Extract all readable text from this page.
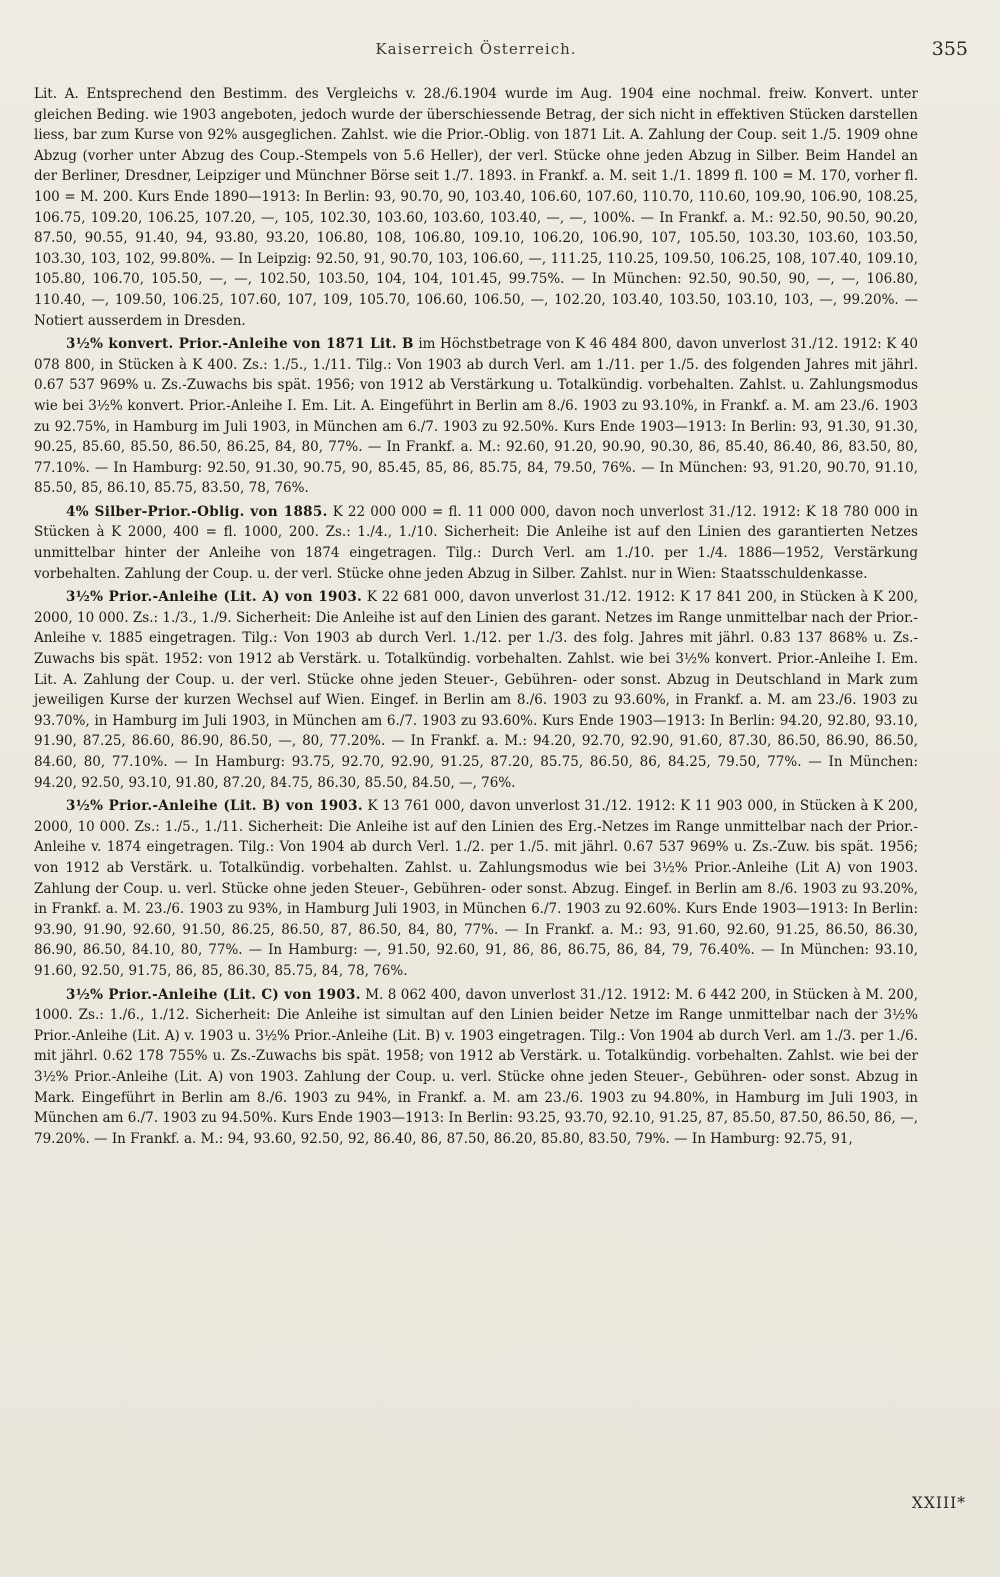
Kaiserreich Österreich.	355

Lit. A. Entsprechend den Bestimm. des Vergleichs v. 28./6.1904 wurde im Aug. 1904 eine nochmal. freiw. Konvert. unter gleichen Beding. wie 1903 angeboten, jedoch wurde der überschiessende Betrag, der sich nicht in effektiven Stücken darstellen liess, bar zum Kurse von 92% ausgeglichen. Zahlst. wie die Prior.-Oblig. von 1871 Lit. A. Zahlung der Coup. seit 1./5. 1909 ohne Abzug (vorher unter Abzug des Coup.-Stempels von 5.6 Heller), der verl. Stücke ohne jeden Abzug in Silber. Beim Handel an der Berliner, Dresdner, Leipziger und Münchner Börse seit 1./7. 1893. in Frankf. a. M. seit 1./1. 1899 fl. 100 = M. 170, vorher fl. 100 = M. 200. Kurs Ende 1890—1913: In Berlin: 93, 90.70, 90, 103.40, 106.60, 107.60, 110.70, 110.60, 109.90, 106.90, 108.25, 106.75, 109.20, 106.25, 107.20, —, 105, 102.30, 103.60, 103.60, 103.40, —, —, 100%. — In Frankf. a. M.: 92.50, 90.50, 90.20, 87.50, 90.55, 91.40, 94, 93.80, 93.20, 106.80, 108, 106.80, 109.10, 106.20, 106.90, 107, 105.50, 103.30, 103.60, 103.50, 103.30, 103, 102, 99.80%. — In Leipzig: 92.50, 91, 90.70, 103, 106.60, —, 111.25, 110.25, 109.50, 106.25, 108, 107.40, 109.10, 105.80, 106.70, 105.50, —, —, 102.50, 103.50, 104, 104, 101.45, 99.75%. — In München: 92.50, 90.50, 90, —, —, 106.80, 110.40, —, 109.50, 106.25, 107.60, 107, 109, 105.70, 106.60, 106.50, —, 102.20, 103.40, 103.50, 103.10, 103, —, 99.20%. — Notiert ausserdem in Dresden.

3½% konvert. Prior.-Anleihe von 1871 Lit. B im Höchstbetrage von K 46 484 800, davon unverlost 31./12. 1912: K 40 078 800, in Stücken à K 400. Zs.: 1./5., 1./11. Tilg.: Von 1903 ab durch Verl. am 1./11. per 1./5. des folgenden Jahres mit jährl. 0.67 537 969% u. Zs.-Zuwachs bis spät. 1956; von 1912 ab Verstärkung u. Totalkündig. vorbehalten. Zahlst. u. Zahlungsmodus wie bei 3½% konvert. Prior.-Anleihe I. Em. Lit. A. Eingeführt in Berlin am 8./6. 1903 zu 93.10%, in Frankf. a. M. am 23./6. 1903 zu 92.75%, in Hamburg im Juli 1903, in München am 6./7. 1903 zu 92.50%. Kurs Ende 1903—1913: In Berlin: 93, 91.30, 91.30, 90.25, 85.60, 85.50, 86.50, 86.25, 84, 80, 77%. — In Frankf. a. M.: 92.60, 91.20, 90.90, 90.30, 86, 85.40, 86.40, 86, 83.50, 80, 77.10%. — In Hamburg: 92.50, 91.30, 90.75, 90, 85.45, 85, 86, 85.75, 84, 79.50, 76%. — In München: 93, 91.20, 90.70, 91.10, 85.50, 85, 86.10, 85.75, 83.50, 78, 76%.

4% Silber-Prior.-Oblig. von 1885. K 22 000 000 = fl. 11 000 000, davon noch unverlost 31./12. 1912: K 18 780 000 in Stücken à K 2000, 400 = fl. 1000, 200. Zs.: 1./4., 1./10. Sicherheit: Die Anleihe ist auf den Linien des garantierten Netzes unmittelbar hinter der Anleihe von 1874 eingetragen. Tilg.: Durch Verl. am 1./10. per 1./4. 1886—1952, Verstärkung vorbehalten. Zahlung der Coup. u. der verl. Stücke ohne jeden Abzug in Silber. Zahlst. nur in Wien: Staatsschuldenkasse.

3½% Prior.-Anleihe (Lit. A) von 1903. K 22 681 000, davon unverlost 31./12. 1912: K 17 841 200, in Stücken à K 200, 2000, 10 000. Zs.: 1./3., 1./9. Sicherheit: Die Anleihe ist auf den Linien des garant. Netzes im Range unmittelbar nach der Prior.-Anleihe v. 1885 eingetragen. Tilg.: Von 1903 ab durch Verl. 1./12. per 1./3. des folg. Jahres mit jährl. 0.83 137 868% u. Zs.-Zuwachs bis spät. 1952: von 1912 ab Verstärk. u. Totalkündig. vorbehalten. Zahlst. wie bei 3½% konvert. Prior.-Anleihe I. Em. Lit. A. Zahlung der Coup. u. der verl. Stücke ohne jeden Steuer-, Gebühren- oder sonst. Abzug in Deutschland in Mark zum jeweiligen Kurse der kurzen Wechsel auf Wien. Eingef. in Berlin am 8./6. 1903 zu 93.60%, in Frankf. a. M. am 23./6. 1903 zu 93.70%, in Hamburg im Juli 1903, in München am 6./7. 1903 zu 93.60%. Kurs Ende 1903—1913: In Berlin: 94.20, 92.80, 93.10, 91.90, 87.25, 86.60, 86.90, 86.50, —, 80, 77.20%. — In Frankf. a. M.: 94.20, 92.70, 92.90, 91.60, 87.30, 86.50, 86.90, 86.50, 84.60, 80, 77.10%. — In Hamburg: 93.75, 92.70, 92.90, 91.25, 87.20, 85.75, 86.50, 86, 84.25, 79.50, 77%. — In München: 94.20, 92.50, 93.10, 91.80, 87.20, 84.75, 86.30, 85.50, 84.50, —, 76%.

3½% Prior.-Anleihe (Lit. B) von 1903. K 13 761 000, davon unverlost 31./12. 1912: K 11 903 000, in Stücken à K 200, 2000, 10 000. Zs.: 1./5., 1./11. Sicherheit: Die Anleihe ist auf den Linien des Erg.-Netzes im Range unmittelbar nach der Prior.-Anleihe v. 1874 eingetragen. Tilg.: Von 1904 ab durch Verl. 1./2. per 1./5. mit jährl. 0.67 537 969% u. Zs.-Zuw. bis spät. 1956; von 1912 ab Verstärk. u. Totalkündig. vorbehalten. Zahlst. u. Zahlungsmodus wie bei 3½% Prior.-Anleihe (Lit A) von 1903. Zahlung der Coup. u. verl. Stücke ohne jeden Steuer-, Gebühren- oder sonst. Abzug. Eingef. in Berlin am 8./6. 1903 zu 93.20%, in Frankf. a. M. 23./6. 1903 zu 93%, in Hamburg Juli 1903, in München 6./7. 1903 zu 92.60%. Kurs Ende 1903—1913: In Berlin: 93.90, 91.90, 92.60, 91.50, 86.25, 86.50, 87, 86.50, 84, 80, 77%. — In Frankf. a. M.: 93, 91.60, 92.60, 91.25, 86.50, 86.30, 86.90, 86.50, 84.10, 80, 77%. — In Hamburg: —, 91.50, 92.60, 91, 86, 86, 86.75, 86, 84, 79, 76.40%. — In München: 93.10, 91.60, 92.50, 91.75, 86, 85, 86.30, 85.75, 84, 78, 76%.

3½% Prior.-Anleihe (Lit. C) von 1903. M. 8 062 400, davon unverlost 31./12. 1912: M. 6 442 200, in Stücken à M. 200, 1000. Zs.: 1./6., 1./12. Sicherheit: Die Anleihe ist simultan auf den Linien beider Netze im Range unmittelbar nach der 3½% Prior.-Anleihe (Lit. A) v. 1903 u. 3½% Prior.-Anleihe (Lit. B) v. 1903 eingetragen. Tilg.: Von 1904 ab durch Verl. am 1./3. per 1./6. mit jährl. 0.62 178 755% u. Zs.-Zuwachs bis spät. 1958; von 1912 ab Verstärk. u. Totalkündig. vorbehalten. Zahlst. wie bei der 3½% Prior.-Anleihe (Lit. A) von 1903. Zahlung der Coup. u. verl. Stücke ohne jeden Steuer-, Gebühren- oder sonst. Abzug in Mark. Eingeführt in Berlin am 8./6. 1903 zu 94%, in Frankf. a. M. am 23./6. 1903 zu 94.80%, in Hamburg im Juli 1903, in München am 6./7. 1903 zu 94.50%. Kurs Ende 1903—1913: In Berlin: 93.25, 93.70, 92.10, 91.25, 87, 85.50, 87.50, 86.50, 86, —, 79.20%. — In Frankf. a. M.: 94, 93.60, 92.50, 92, 86.40, 86, 87.50, 86.20, 85.80, 83.50, 79%. — In Hamburg: 92.75, 91,

XXIII*
